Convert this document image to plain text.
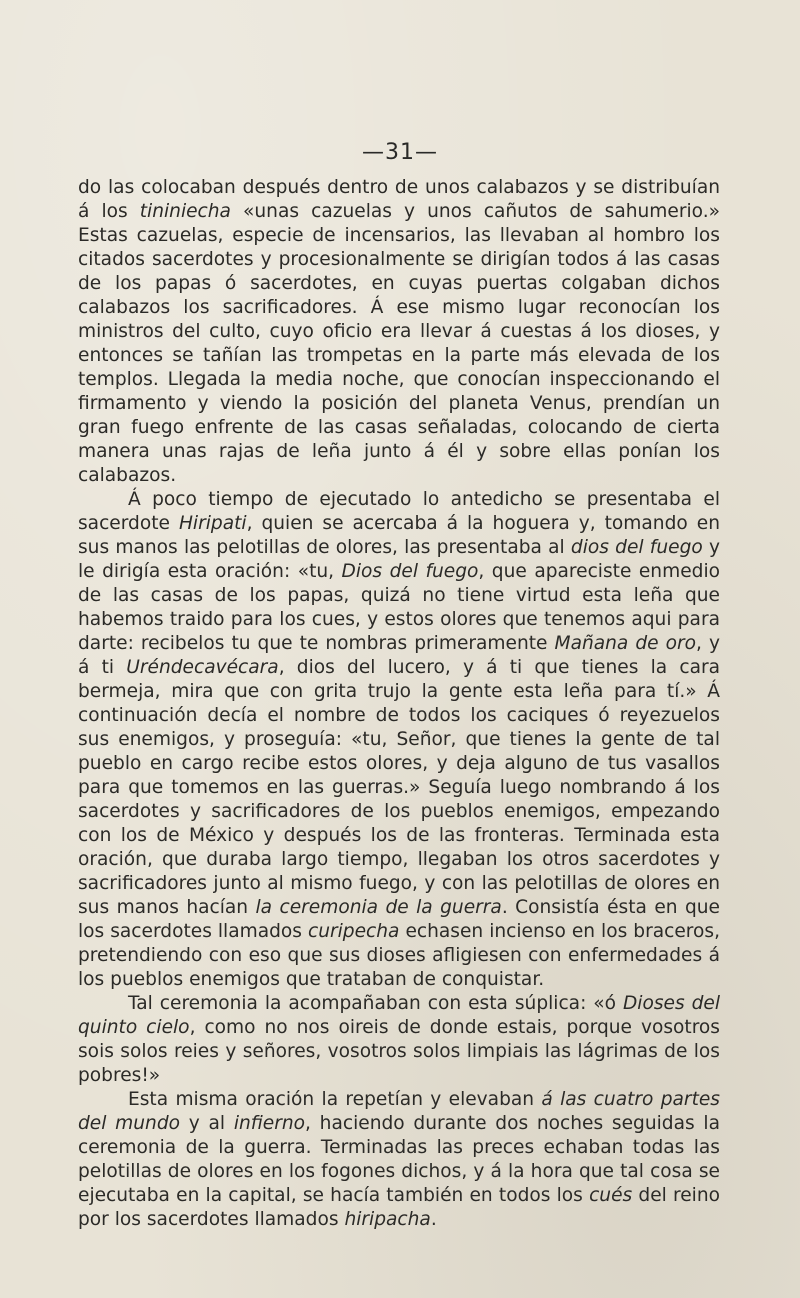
—31—

do las colocaban después dentro de unos calabazos y se distribuían á los tininiecha «unas cazuelas y unos cañutos de sahumerio.» Estas cazuelas, especie de incensarios, las llevaban al hombro los citados sacerdotes y procesionalmente se dirigían todos á las casas de los papas ó sacerdotes, en cuyas puertas colgaban dichos calabazos los sacrificadores. Á ese mismo lugar reconocían los ministros del culto, cuyo oficio era llevar á cuestas á los dioses, y entonces se tañían las trompetas en la parte más elevada de los templos. Llegada la media noche, que conocían inspeccionando el firmamento y viendo la posición del planeta Venus, prendían un gran fuego enfrente de las casas señaladas, colocando de cierta manera unas rajas de leña junto á él y sobre ellas ponían los calabazos.

Á poco tiempo de ejecutado lo antedicho se presentaba el sacerdote Hiripati, quien se acercaba á la hoguera y, tomando en sus manos las pelotillas de olores, las presentaba al dios del fuego y le dirigía esta oración: «tu, Dios del fuego, que apareciste enmedio de las casas de los papas, quizá no tiene virtud esta leña que habemos traido para los cues, y estos olores que tenemos aqui para darte: recibelos tu que te nombras primeramente Mañana de oro, y á ti Uréndecavécara, dios del lucero, y á ti que tienes la cara bermeja, mira que con grita trujo la gente esta leña para tí.» Á continuación decía el nombre de todos los caciques ó reyezuelos sus enemigos, y proseguía: «tu, Señor, que tienes la gente de tal pueblo en cargo recibe estos olores, y deja alguno de tus vasallos para que tomemos en las guerras.» Seguía luego nombrando á los sacerdotes y sacrificadores de los pueblos enemigos, empezando con los de México y después los de las fronteras. Terminada esta oración, que duraba largo tiempo, llegaban los otros sacerdotes y sacrificadores junto al mismo fuego, y con las pelotillas de olores en sus manos hacían la ceremonia de la guerra. Consistía ésta en que los sacerdotes llamados curipecha echasen incienso en los braceros, pretendiendo con eso que sus dioses afligiesen con enfermedades á los pueblos enemigos que trataban de conquistar.

Tal ceremonia la acompañaban con esta súplica: «ó Dioses del quinto cielo, como no nos oireis de donde estais, porque vosotros sois solos reies y señores, vosotros solos limpiais las lágrimas de los pobres!»

Esta misma oración la repetían y elevaban á las cuatro partes del mundo y al infierno, haciendo durante dos noches seguidas la ceremonia de la guerra. Terminadas las preces echaban todas las pelotillas de olores en los fogones dichos, y á la hora que tal cosa se ejecutaba en la capital, se hacía también en todos los cués del reino por los sacerdotes llamados hiripacha.
